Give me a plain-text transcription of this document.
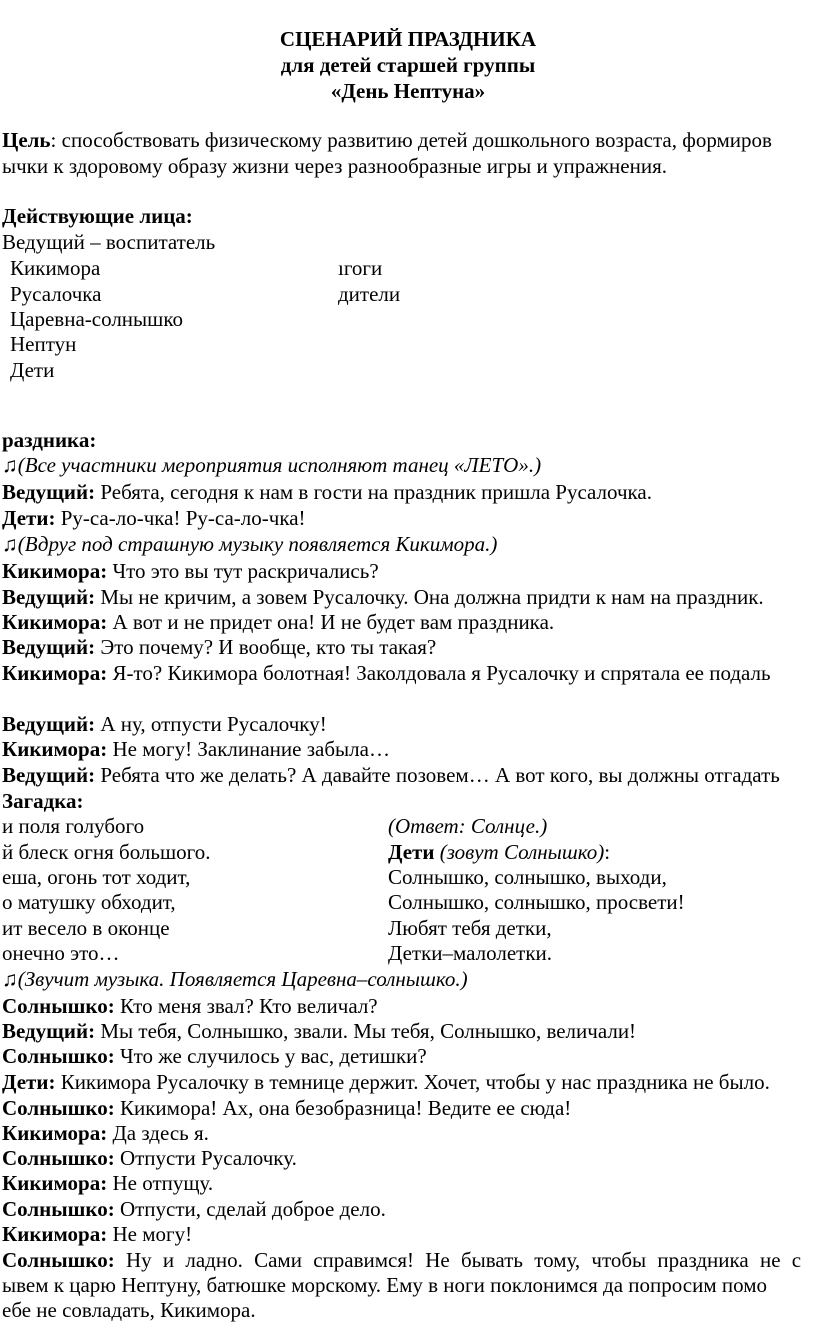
СЦЕНАРИЙ ПРАЗДНИКА
для детей старшей группы
«День Нептуна»
Цель: способствовать физическому развитию детей дошкольного возраста, формиров
ычки к здоровому образу жизни через разнообразные игры и упражнения.
Действующие лица:
Ведущий – воспитатель
Кикимора
Русалочка
Царевна-солнышко
Нептун
Дети
ıгоги
дители
раздника:
♫(Все участники мероприятия исполняют танец «ЛЕТО».)
Ведущий: Ребята, сегодня к нам в гости на праздник пришла Русалочка.
Дети: Ру-са-ло-чка! Ру-са-ло-чка!
♫(Вдруг под страшную музыку появляется Кикимора.)
Кикимора: Что это вы тут раскричались?
Ведущий: Мы не кричим, а зовем Русалочку. Она должна придти к нам на праздник.
Кикимора: А вот и не придет она! И не будет вам праздника.
Ведущий: Это почему? И вообще, кто ты такая?
Кикимора: Я-то? Кикимора болотная! Заколдовала я Русалочку и спрятала ее подаль
Ведущий: А ну, отпусти Русалочку!
Кикимора: Не могу! Заклинание забыла…
Ведущий: Ребята что же делать? А давайте позовем… А вот кого, вы должны отгадать
Загадка:
и поля голубого
й блеск огня большого.
еша, огонь тот ходит,
о матушку обходит,
ит весело в оконце
онечно это…
(Ответ: Солнце.)
Дети (зовут Солнышко):
Солнышко, солнышко, выходи,
Солнышко, солнышко, просвети!
Любят тебя детки,
Детки–малолетки.
♫(Звучит музыка. Появляется Царевна–солнышко.)
Солнышко: Кто меня звал? Кто величал?
Ведущий: Мы тебя, Солнышко, звали. Мы тебя, Солнышко, величали!
Солнышко: Что же случилось у вас, детишки?
Дети: Кикимора Русалочку в темнице держит. Хочет, чтобы у нас праздника не было.
Солнышко: Кикимора! Ах, она безобразница! Ведите ее сюда!
Кикимора: Да здесь я.
Солнышко: Отпусти Русалочку.
Кикимора: Не отпущу.
Солнышко: Отпусти, сделай доброе дело.
Кикимора: Не могу!
Солнышко: Ну и ладно. Сами справимся! Не бывать тому, чтобы праздника не с
ывем к царю Нептуну, батюшке морскому. Ему в ноги поклонимся да попросим помо
ебе не совладать, Кикимора.
